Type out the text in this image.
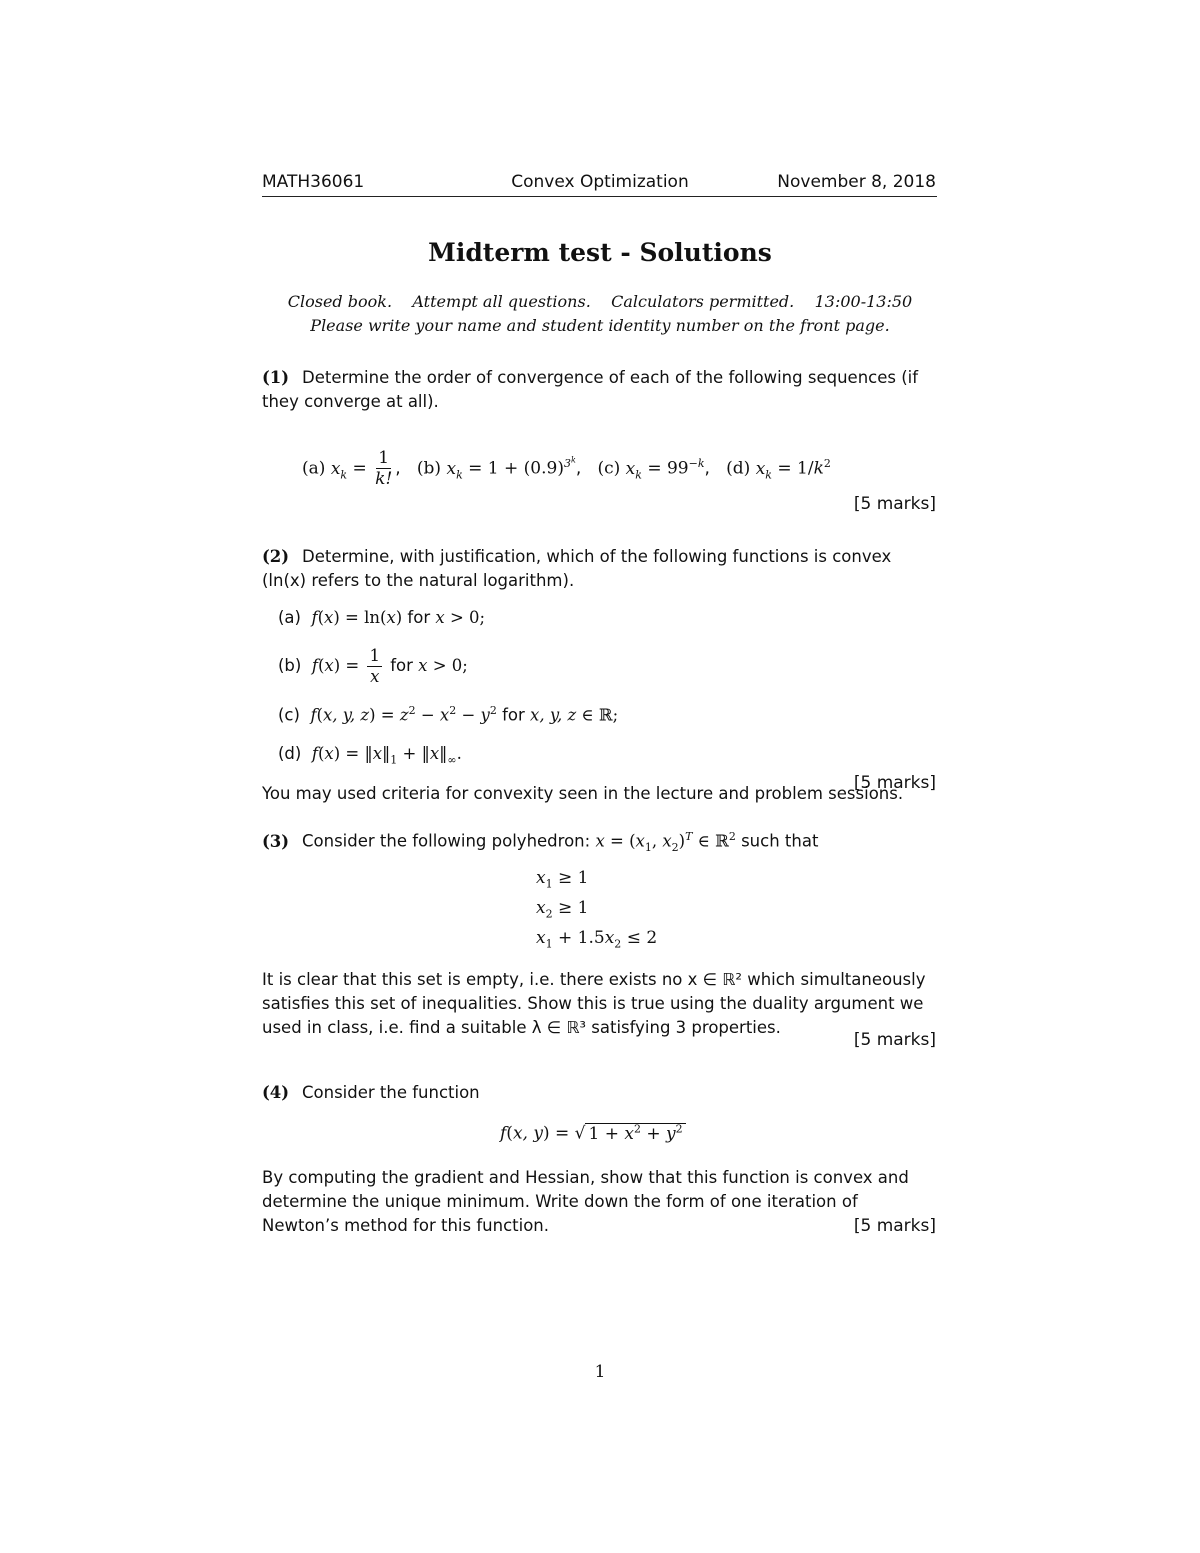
MATH36061	Convex Optimization	November 8, 2018
Midterm test - Solutions
Closed book.    Attempt all questions.    Calculators permitted.    13:00-13:50
Please write your name and student identity number on the front page.
(1) Determine the order of convergence of each of the following sequences (if they converge at all).
(a) $x_k = \frac{1}{k!}$ ,   (b) $x_k = 1 + (0.9)^{3^k}$,   (c) $x_k = 99^{-k}$,   (d) $x_k = 1/k^2$
[5 marks]
(2) Determine, with justification, which of the following functions is convex (ln(x) refers to the natural logarithm).
(a)  f(x) = ln(x) for x > 0;
(b)  $f(x) = \frac{1}{x}$ for x > 0;
(c)  f(x, y, $z) = z^2 - x^2 - y^2$ for x, y, z ∈ ℝ;
(d)  $f(x) = ‖x‖_1$ + $‖x‖_\infty$.
You may used criteria for convexity seen in the lecture and problem sessions.
[5 marks]
(3) Consider the following polyhedron: $x = (x_1$, $x_2)^T$ ∈ ℝ$^2$ such that
$x_1 \ge 1$
$x_2 \ge 1$
$x_1 + 1.5x_2 \le 2$
It is clear that this set is empty, i.e. there exists no x ∈ ℝ² which simultaneously satisfies this set of inequalities. Show this is true using the duality argument we used in class, i.e. find a suitable λ ∈ ℝ³ satisfying 3 properties.
[5 marks]
(4) Consider the function
f(x, y) = √ $1 + x^2 + y^2$
By computing the gradient and Hessian, show that this function is convex and determine the unique minimum. Write down the form of one iteration of Newton’s method for this function.	[5 marks]
1
